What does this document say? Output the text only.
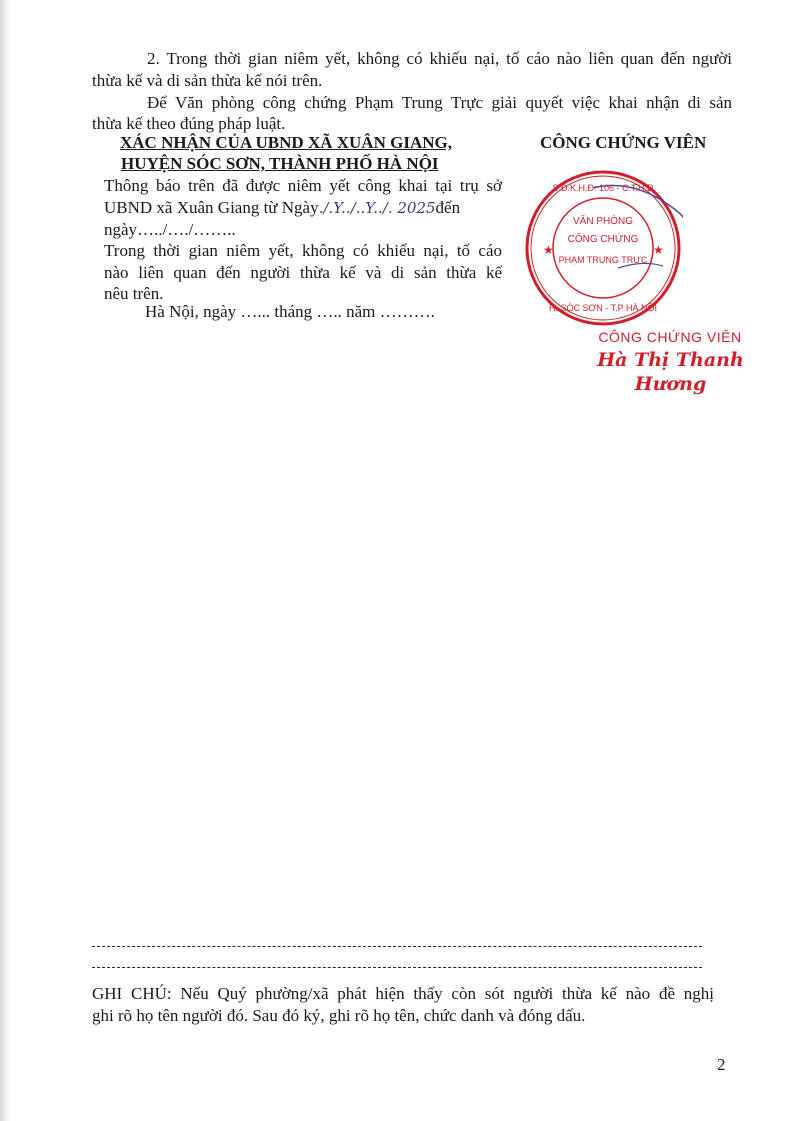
2. Trong thời gian niêm yết, không có khiếu nại, tố cáo nào liên quan đến người
thừa kế và di sản thừa kế nói trên.
Để Văn phòng công chứng Phạm Trung Trực giải quyết việc khai nhận di sản
thừa kế theo đúng pháp luật.
XÁC NHẬN CỦA UBND XÃ XUÂN GIANG,
HUYỆN SÓC SƠN, THÀNH PHỐ HÀ NỘI
CÔNG CHỨNG VIÊN
Thông báo trên đã được niêm yết công khai tại trụ sở
UBND xã Xuân Giang từ Ngày./.Y../..Y../. 2025đến
ngày…../…./……..
Trong thời gian niêm yết, không có khiếu nại, tố cáo
nào liên quan đến người thừa kế và di sản thừa kế
nêu trên.
Hà Nội, ngày …... tháng ….. năm ……….
★	★
S.Đ.K.H.Đ: 106 - C.T.H.Đ
VĂN PHÒNG
CÔNG CHỨNG
PHẠM TRUNG TRỰC
H. SÓC SƠN - T.P HÀ NỘI
CÔNG CHỨNG VIÊN
Hà Thị Thanh Hương
GHI CHÚ: Nếu Quý phường/xã phát hiện thấy còn sót người thừa kế nào đề nghị
ghi rõ họ tên người đó. Sau đó ký, ghi rõ họ tên, chức danh và đóng dấu.
2
